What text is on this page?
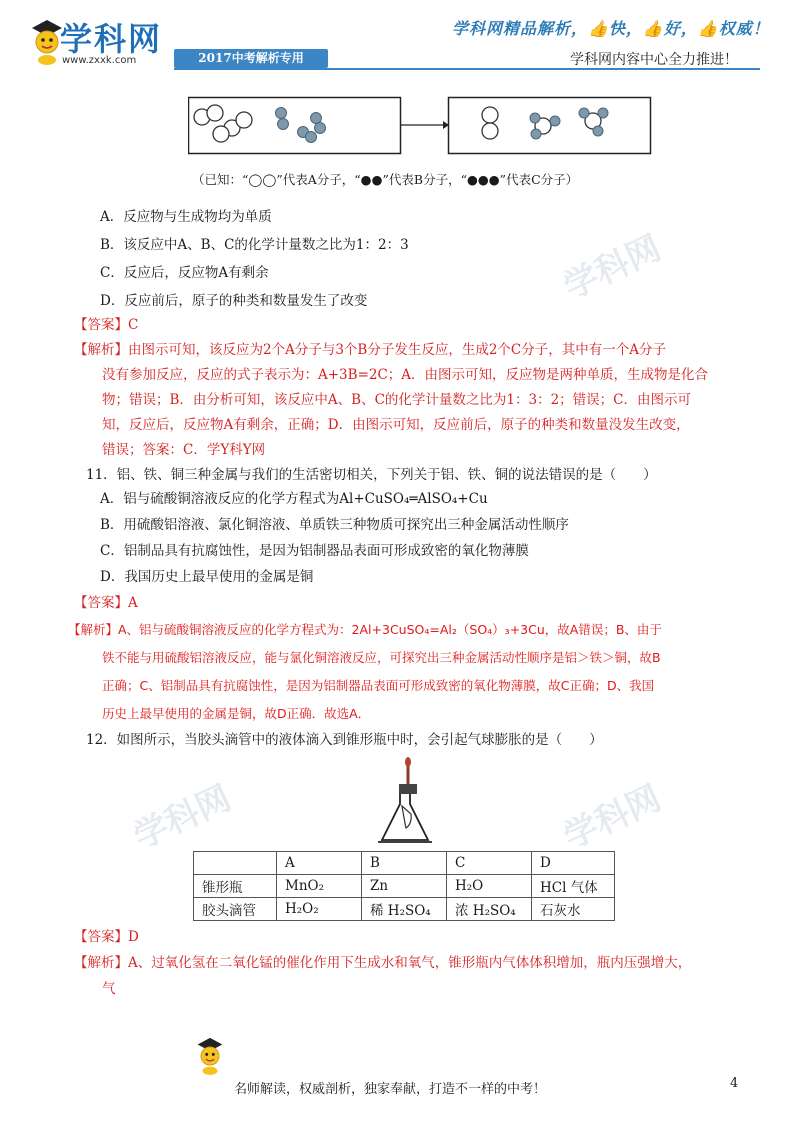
学科网
学科网	学科网
学科网
www.zxxk.com	2017中考解析专用
学科网精品解析，👍快，👍好，👍权威！
学科网内容中心全力推进！
（已知：“◯◯”代表A分子，“●●”代表B分子，“●●●”代表C分子）
A．反应物与生成物均为单质
B．该反应中A、B、C的化学计量数之比为1：2：3
C．反应后，反应物A有剩余
D．反应前后，原子的种类和数量发生了改变
【答案】C
【解析】由图示可知，该反应为2个A分子与3个B分子发生反应，生成2个C分子，其中有一个A分子
没有参加反应，反应的式子表示为：A+3B=2C；A．由图示可知，反应物是两种单质，生成物是化合
物；错误；B．由分析可知，该反应中A、B、C的化学计量数之比为1：3：2；错误；C．由图示可
知，反应后，反应物A有剩余，正确；D．由图示可知，反应前后，原子的种类和数量没发生改变，
错误；答案：C．学Y科Y网
11．铝、铁、铜三种金属与我们的生活密切相关，下列关于铝、铁、铜的说法错误的是（　　）
A．铝与硫酸铜溶液反应的化学方程式为Al+CuSO₄═AlSO₄+Cu
B．用硫酸铝溶液、氯化铜溶液、单质铁三种物质可探究出三种金属活动性顺序
C．铝制品具有抗腐蚀性，是因为铝制器品表面可形成致密的氧化物薄膜
D．我国历史上最早使用的金属是铜
【答案】A
【解析】A、铝与硫酸铜溶液反应的化学方程式为：2Al+3CuSO₄=Al₂（SO₄）₃+3Cu，故A错误；B、由于
铁不能与用硫酸铝溶液反应，能与氯化铜溶液反应，可探究出三种金属活动性顺序是铝＞铁＞铜，故B
正确；C、铝制品具有抗腐蚀性，是因为铝制器品表面可形成致密的氧化物薄膜，故C正确；D、我国
历史上最早使用的金属是铜，故D正确．故选A．
12．如图所示，当胶头滴管中的液体滴入到锥形瓶中时，会引起气球膨胀的是（　　）
	A	B	C	D
锥形瓶	MnO₂	Zn	H₂O	HCl 气体
胶头滴管	H₂O₂	稀 H₂SO₄	浓 H₂SO₄	石灰水
【答案】D
【解析】A、过氧化氢在二氧化锰的催化作用下生成水和氧气，锥形瓶内气体体积增加，瓶内压强增大，
气
名师解读，权威剖析，独家奉献，打造不一样的中考！	4
